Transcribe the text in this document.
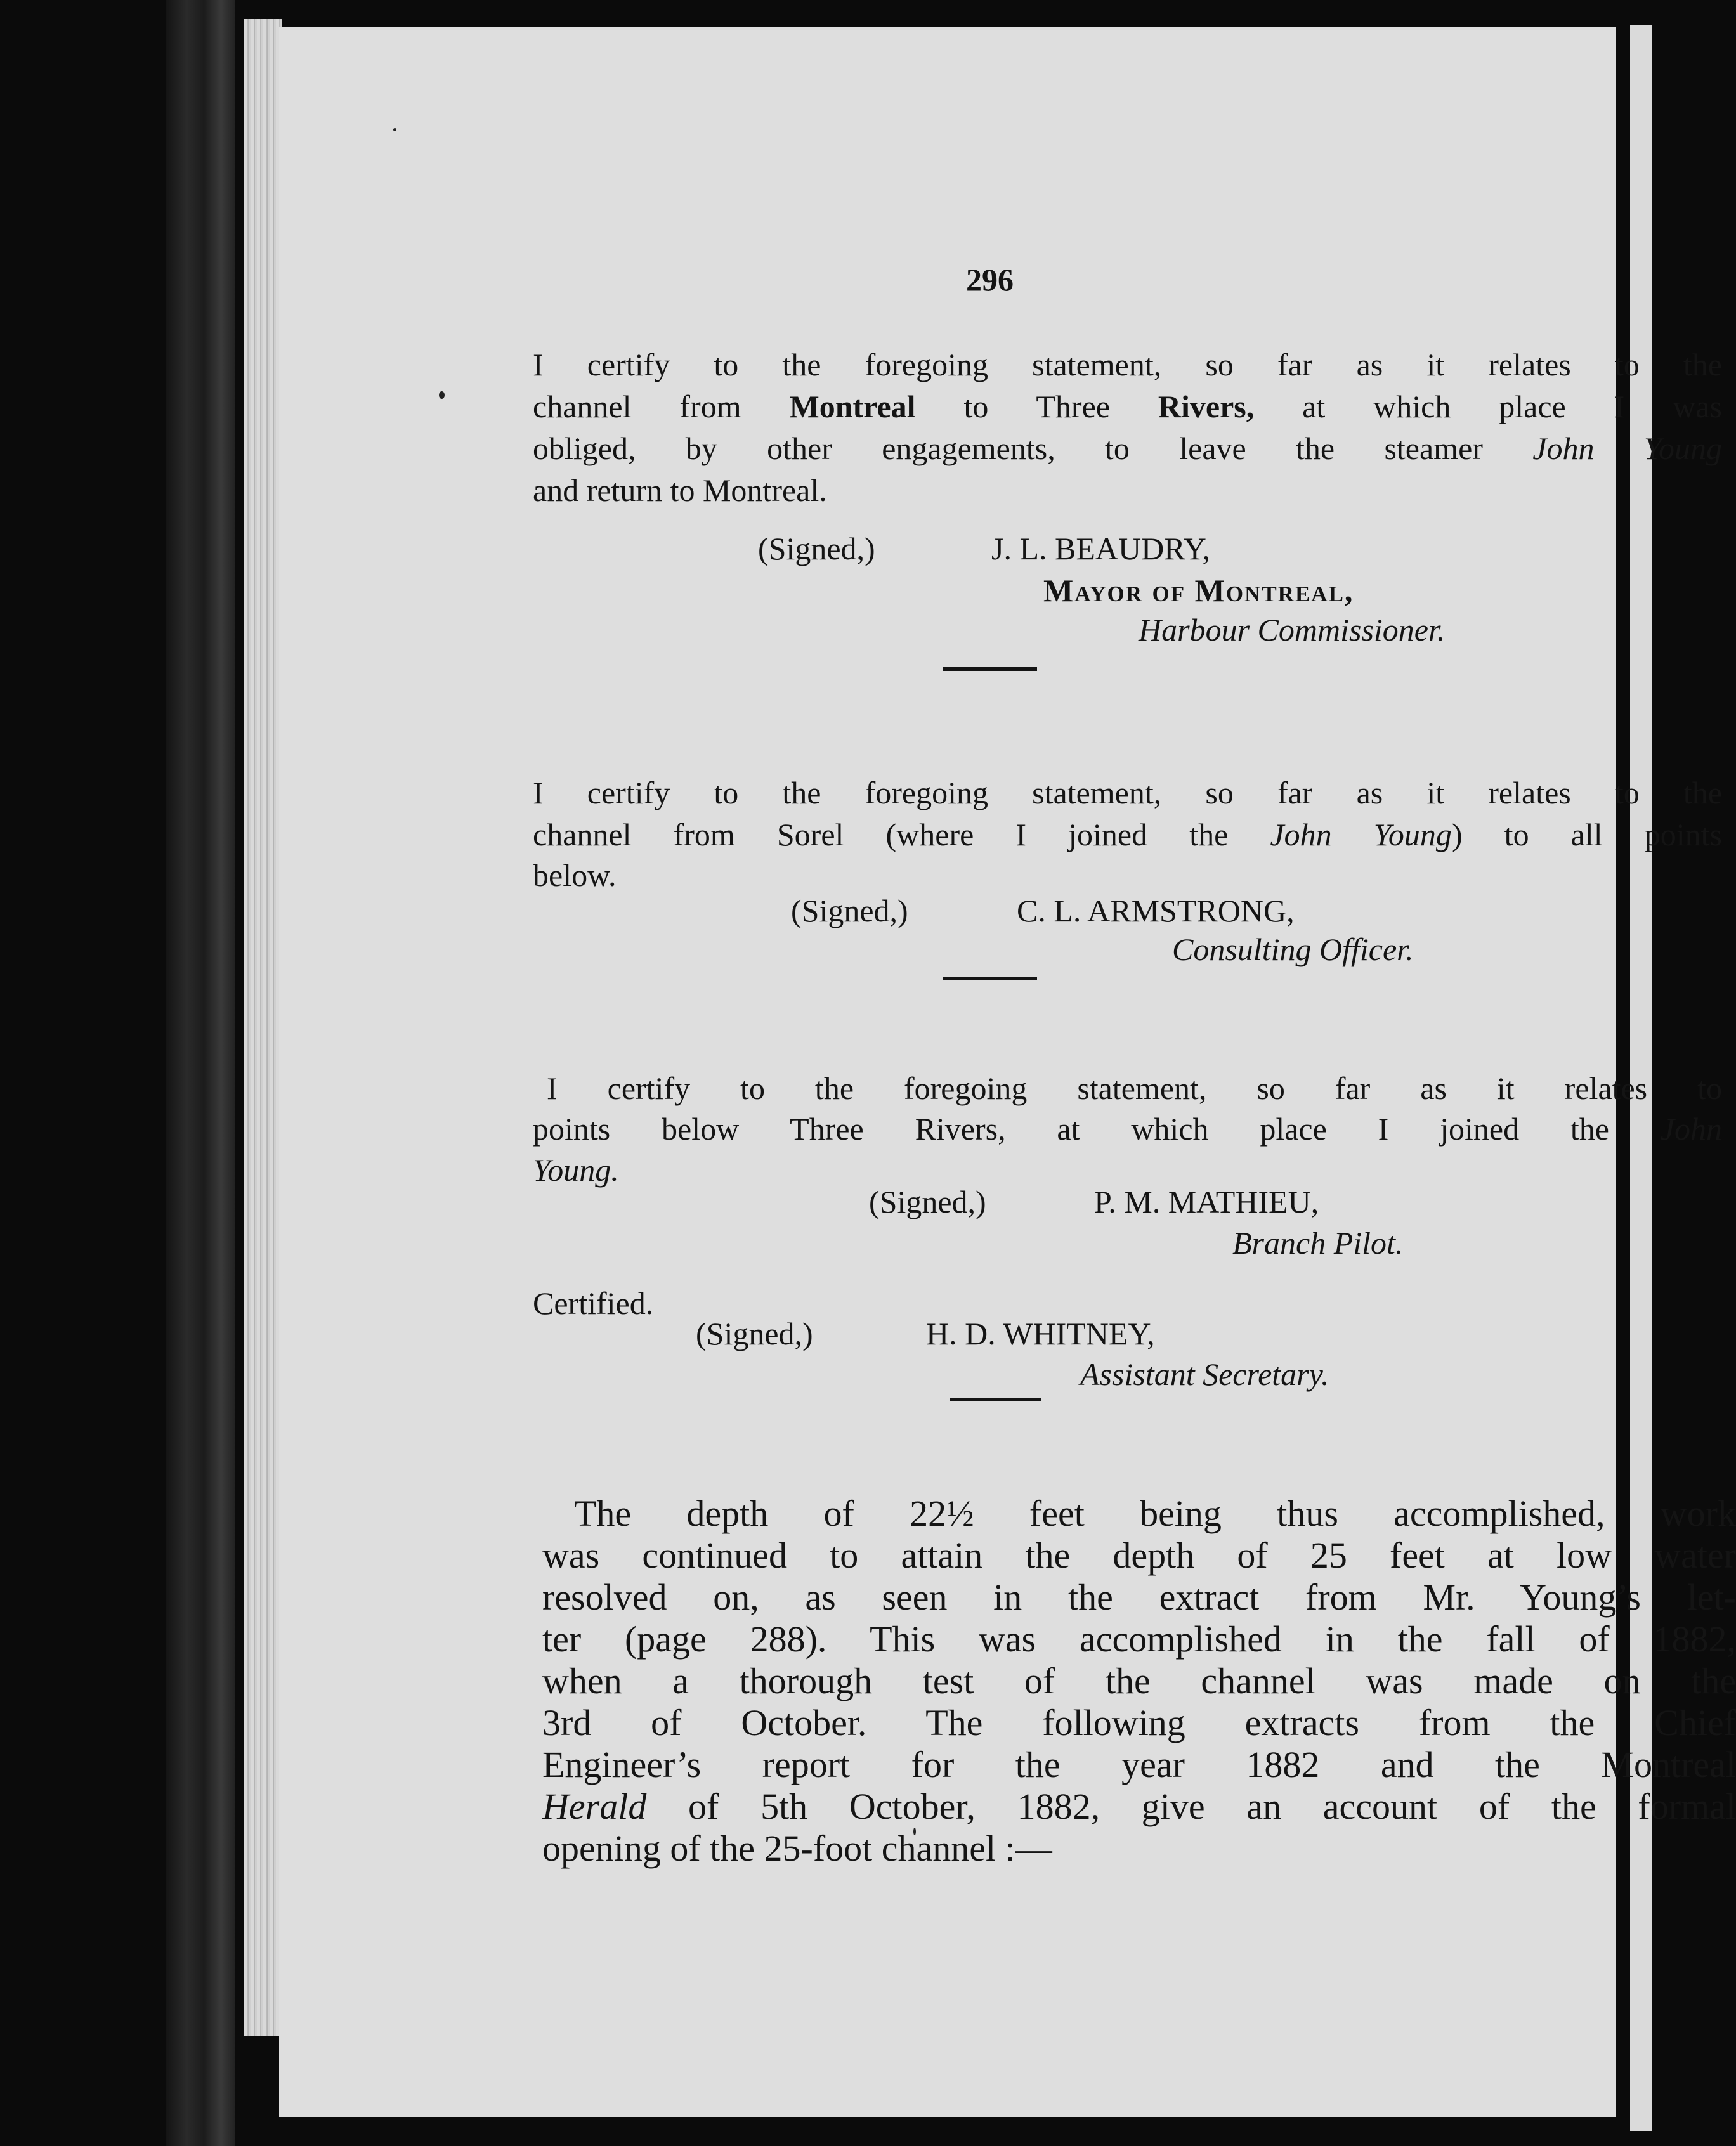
296
I certify to the foregoing statement, so far as it relates to the
channel from Montreal to Three Rivers, at which place I was
obliged, by other engagements, to leave the steamer John Young
and return to Montreal.
(Signed,)	J. L. BEAUDRY,
Mayor of Montreal,
Harbour Commissioner.
I certify to the foregoing statement, so far as it relates to the
channel from Sorel (where I joined the John Young) to all points
below.
(Signed,)	C. L. ARMSTRONG,
Consulting Officer.
I certify to the foregoing statement, so far as it relates to
points below Three Rivers, at which place I joined the John
Young.
(Signed,)	P. M. MATHIEU,
Branch Pilot.
Certified.
(Signed,)	H. D. WHITNEY,
Assistant Secretary.
The depth of 22½ feet being thus accomplished, work
was continued to attain the depth of 25 feet at low water
resolved on, as seen in the extract from Mr. Young’s let-
ter (page 288). This was accomplished in the fall of 1882,
when a thorough test of the channel was made on the
3rd of October. The following extracts from the Chief
Engineer’s report for the year 1882 and the Montreal
Herald of 5th October, 1882, give an account of the formal
opening of the 25-foot channel :—
